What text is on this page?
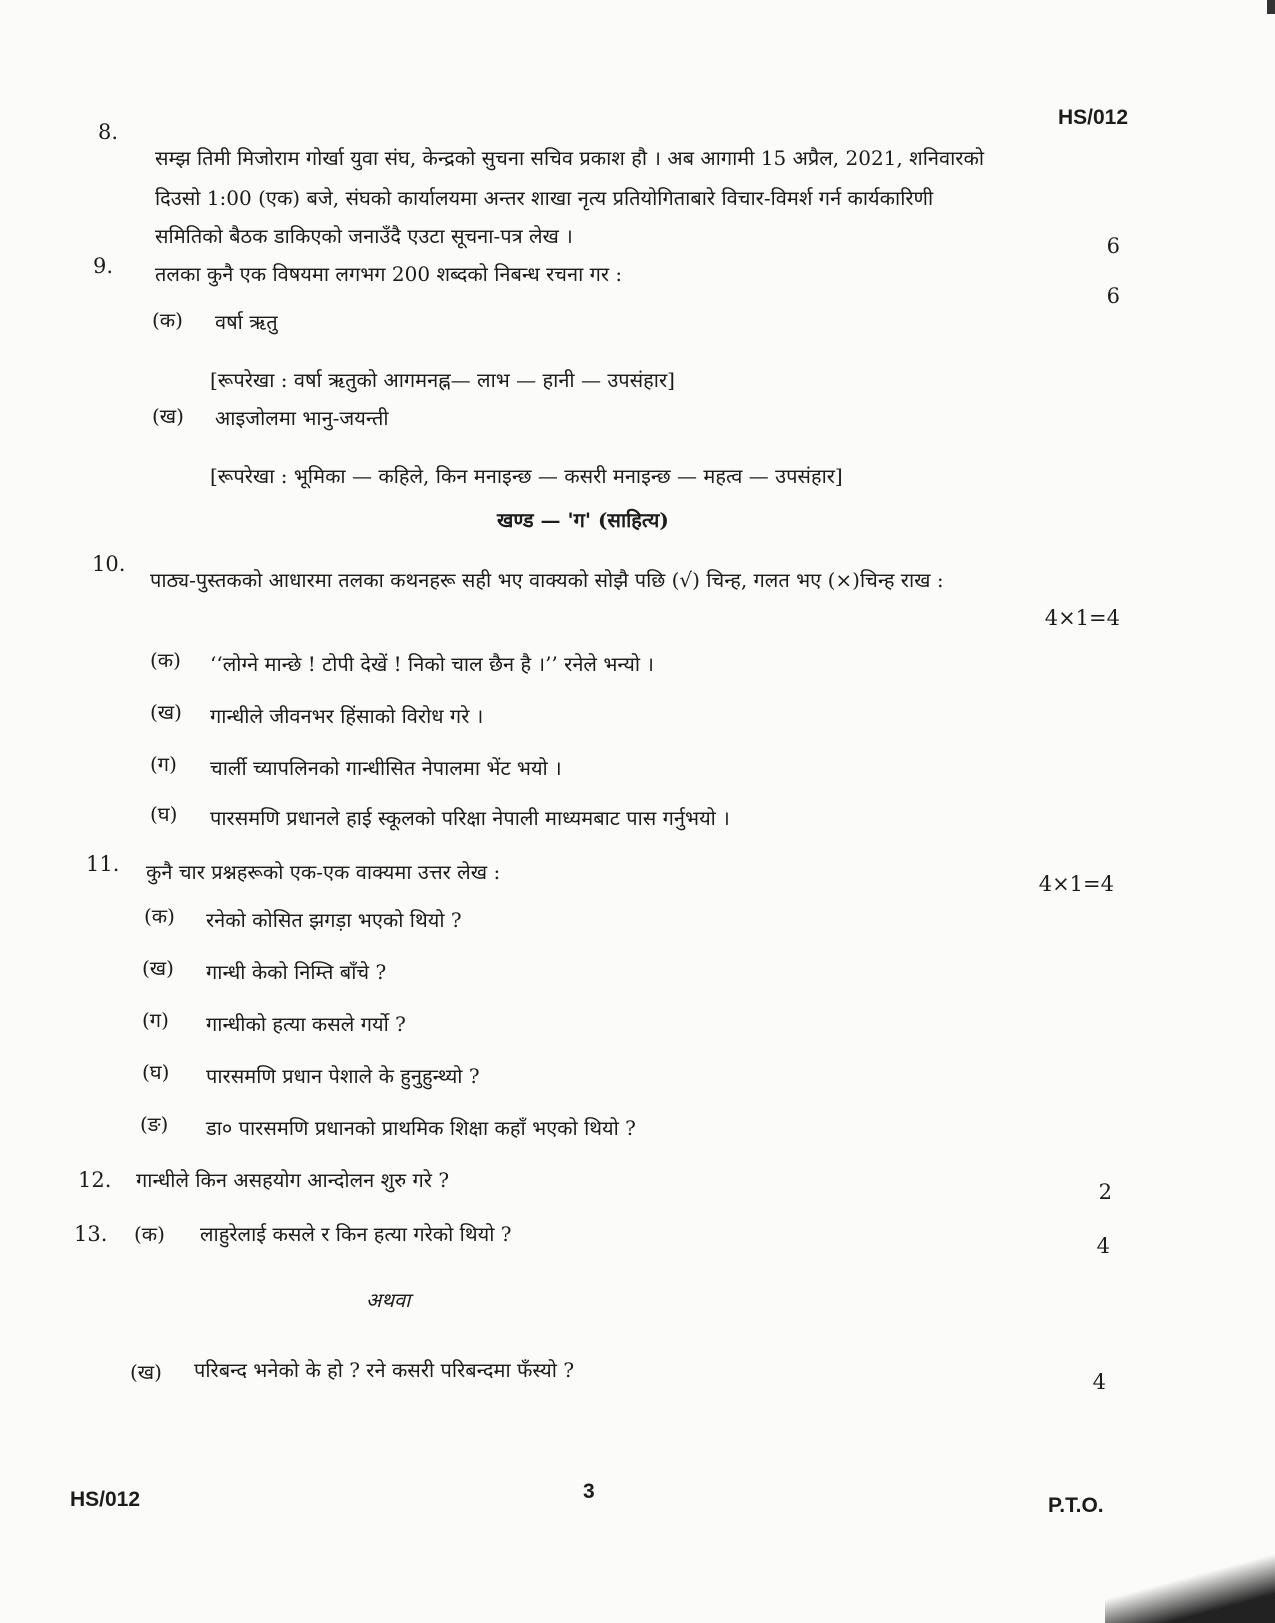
HS/012
8.
सम्झ तिमी मिजोराम गोर्खा युवा संघ, केन्द्रको सुचना सचिव प्रकाश हौ । अब आगामी 15 अप्रैल, 2021, शनिवारको
दिउसो 1:00 (एक) बजे, संघको कार्यालयमा अन्तर शाखा नृत्य प्रतियोगिताबारे विचार-विमर्श गर्न कार्यकारिणी
समितिको बैठक डाकिएको जनाउँदै एउटा सूचना-पत्र लेख ।	6
9. तलका कुनै एक विषयमा लगभग 200 शब्दको निबन्ध रचना गर :
6
(क) वर्षा ऋतु
[रूपरेखा : वर्षा ऋतुको आगमनह्न— लाभ — हानी — उपसंहार]
(ख) आइजोलमा भानु-जयन्ती
[रूपरेखा : भूमिका — कहिले, किन मनाइन्छ — कसरी मनाइन्छ — महत्व — उपसंहार]
खण्ड — 'ग' (साहित्य)
10.
पाठ्य-पुस्तकको आधारमा तलका कथनहरू सही भए वाक्यको सोझै पछि (√) चिन्ह, गलत भए (×)चिन्ह राख :
4×1=4
(क) ‘‘लोग्ने मान्छे ! टोपी देखें ! निको चाल छैन है ।’’ रनेले भन्यो ।
(ख) गान्धीले जीवनभर हिंसाको विरोध गरे ।
(ग) चार्ली च्यापलिनको गान्धीसित नेपालमा भेंट भयो ।
(घ) पारसमणि प्रधानले हाई स्कूलको परिक्षा नेपाली माध्यमबाट पास गर्नुभयो ।
11. कुनै चार प्रश्नहरूको एक-एक वाक्यमा उत्तर लेख :	4×1=4
(क) रनेको कोसित झगड़ा भएको थियो ?
(ख) गान्धी केको निम्ति बाँचे ?
(ग) गान्धीको हत्या कसले गर्यो ?
(घ) पारसमणि प्रधान पेशाले के हुनुहुन्थ्यो ?
(ङ) डा० पारसमणि प्रधानको प्राथमिक शिक्षा कहाँ भएको थियो ?
12. गान्धीले किन असहयोग आन्दोलन शुरु गरे ?	2
13. (क) लाहुरेलाई कसले र किन हत्या गरेको थियो ?	4
अथवा
(ख) परिबन्द भनेको के हो ? रने कसरी परिबन्दमा फँस्यो ?	4
HS/012	3
P.T.O.
